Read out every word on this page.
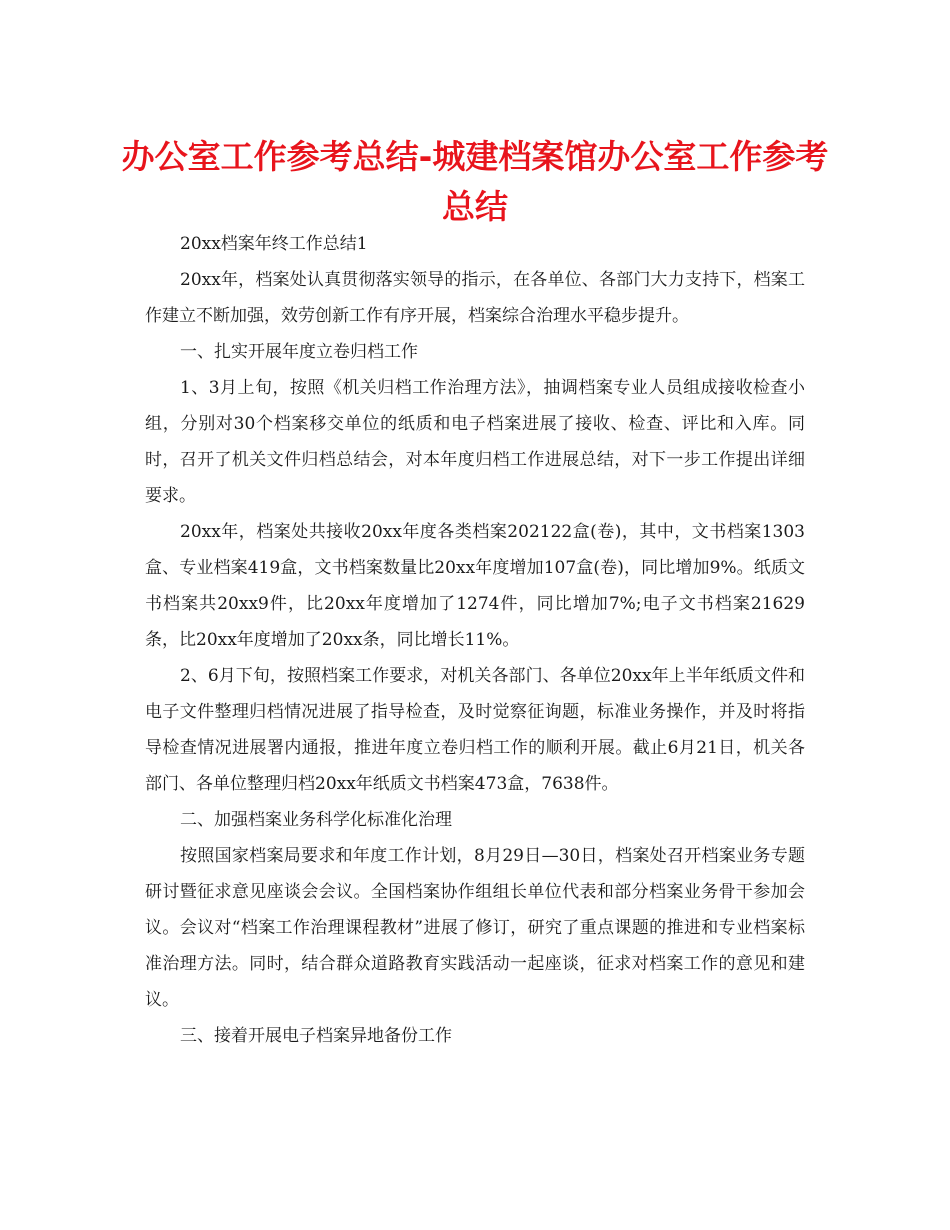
办公室工作参考总结-城建档案馆办公室工作参考总结

20xx档案年终工作总结1

20xx年，档案处认真贯彻落实领导的指示，在各单位、各部门大力支持下，档案工作建立不断加强，效劳创新工作有序开展，档案综合治理水平稳步提升。

一、扎实开展年度立卷归档工作

1、3月上旬，按照《机关归档工作治理方法》，抽调档案专业人员组成接收检查小组，分别对30个档案移交单位的纸质和电子档案进展了接收、检查、评比和入库。同时，召开了机关文件归档总结会，对本年度归档工作进展总结，对下一步工作提出详细要求。

20xx年，档案处共接收20xx年度各类档案202122盒(卷)，其中，文书档案1303盒、专业档案419盒，文书档案数量比20xx年度增加107盒(卷)，同比增加9%。纸质文书档案共20xx9件，比20xx年度增加了1274件，同比增加7%;电子文书档案21629条，比20xx年度增加了20xx条，同比增长11%。

2、6月下旬，按照档案工作要求，对机关各部门、各单位20xx年上半年纸质文件和电子文件整理归档情况进展了指导检查，及时觉察征询题，标准业务操作，并及时将指导检查情况进展署内通报，推进年度立卷归档工作的顺利开展。截止6月21日，机关各部门、各单位整理归档20xx年纸质文书档案473盒，7638件。

二、加强档案业务科学化标准化治理

按照国家档案局要求和年度工作计划，8月29日—30日，档案处召开档案业务专题研讨暨征求意见座谈会会议。全国档案协作组组长单位代表和部分档案业务骨干参加会议。会议对“档案工作治理课程教材”进展了修订，研究了重点课题的推进和专业档案标准治理方法。同时，结合群众道路教育实践活动一起座谈，征求对档案工作的意见和建议。

三、接着开展电子档案异地备份工作
